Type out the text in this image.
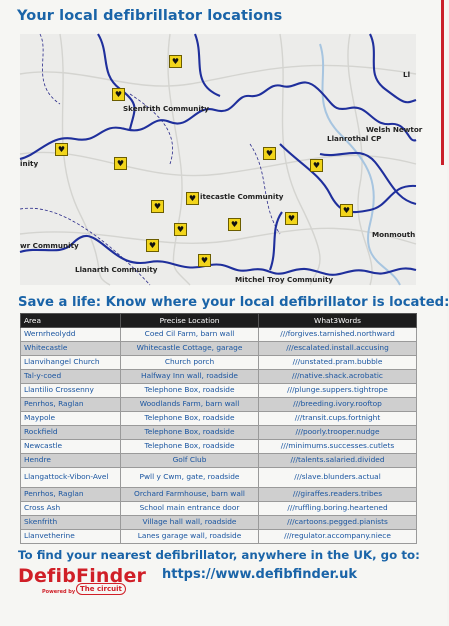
Your local defibrillator locations
Skenfrith Community
Llanrothal CP
Welsh Newtor
Ll
inity
itecastle Community
wr Community
Llanarth Community
Mitchel Troy Community
Monmouth
♥
♥
♥
♥
♥
♥
♥
♥	♥
♥
♥
♥
♥
♥
Save a life: Know where your local defibrillator is located:
Area	Precise Location	What3Words
Wernrheolydd	Coed Cil Farm, barn wall	///forgives.tarnished.northward
Whitecastle	Whitecastle Cottage, garage	///escalated.install.accusing
Llanvihangel Church	Church porch	///unstated.pram.bubble
Tal-y-coed	Halfway Inn wall, roadside	///native.shack.acrobatic
Llantilio Crossenny	Telephone Box, roadside	///plunge.suppers.tightrope
Penrhos, Raglan	Woodlands Farm, barn wall	///breeding.ivory.rooftop
Maypole	Telephone Box, roadside	///transit.cups.fortnight
Rockfield	Telephone Box, roadside	///poorly.trooper.nudge
Newcastle	Telephone Box, roadside	///minimums.successes.cutlets
Hendre	Golf Club	///talents.salaried.divided
Llangattock-Vibon-Avel	Pwll y Cwm, gate, roadside	///slave.blunders.actual
Penrhos, Raglan	Orchard Farmhouse, barn wall	///giraffes.readers.tribes
Cross Ash	School main entrance door	///ruffling.boring.heartened
Skenfrith	Village hall wall, roadside	///cartoons.pegged.pianists
Llanvetherine	Lanes garage wall, roadside	///regulator.accompany.niece
To find your nearest defibrillator, anywhere in the UK, go to:
DefibFinder
Powered by The circuit
https://www.defibfinder.uk
